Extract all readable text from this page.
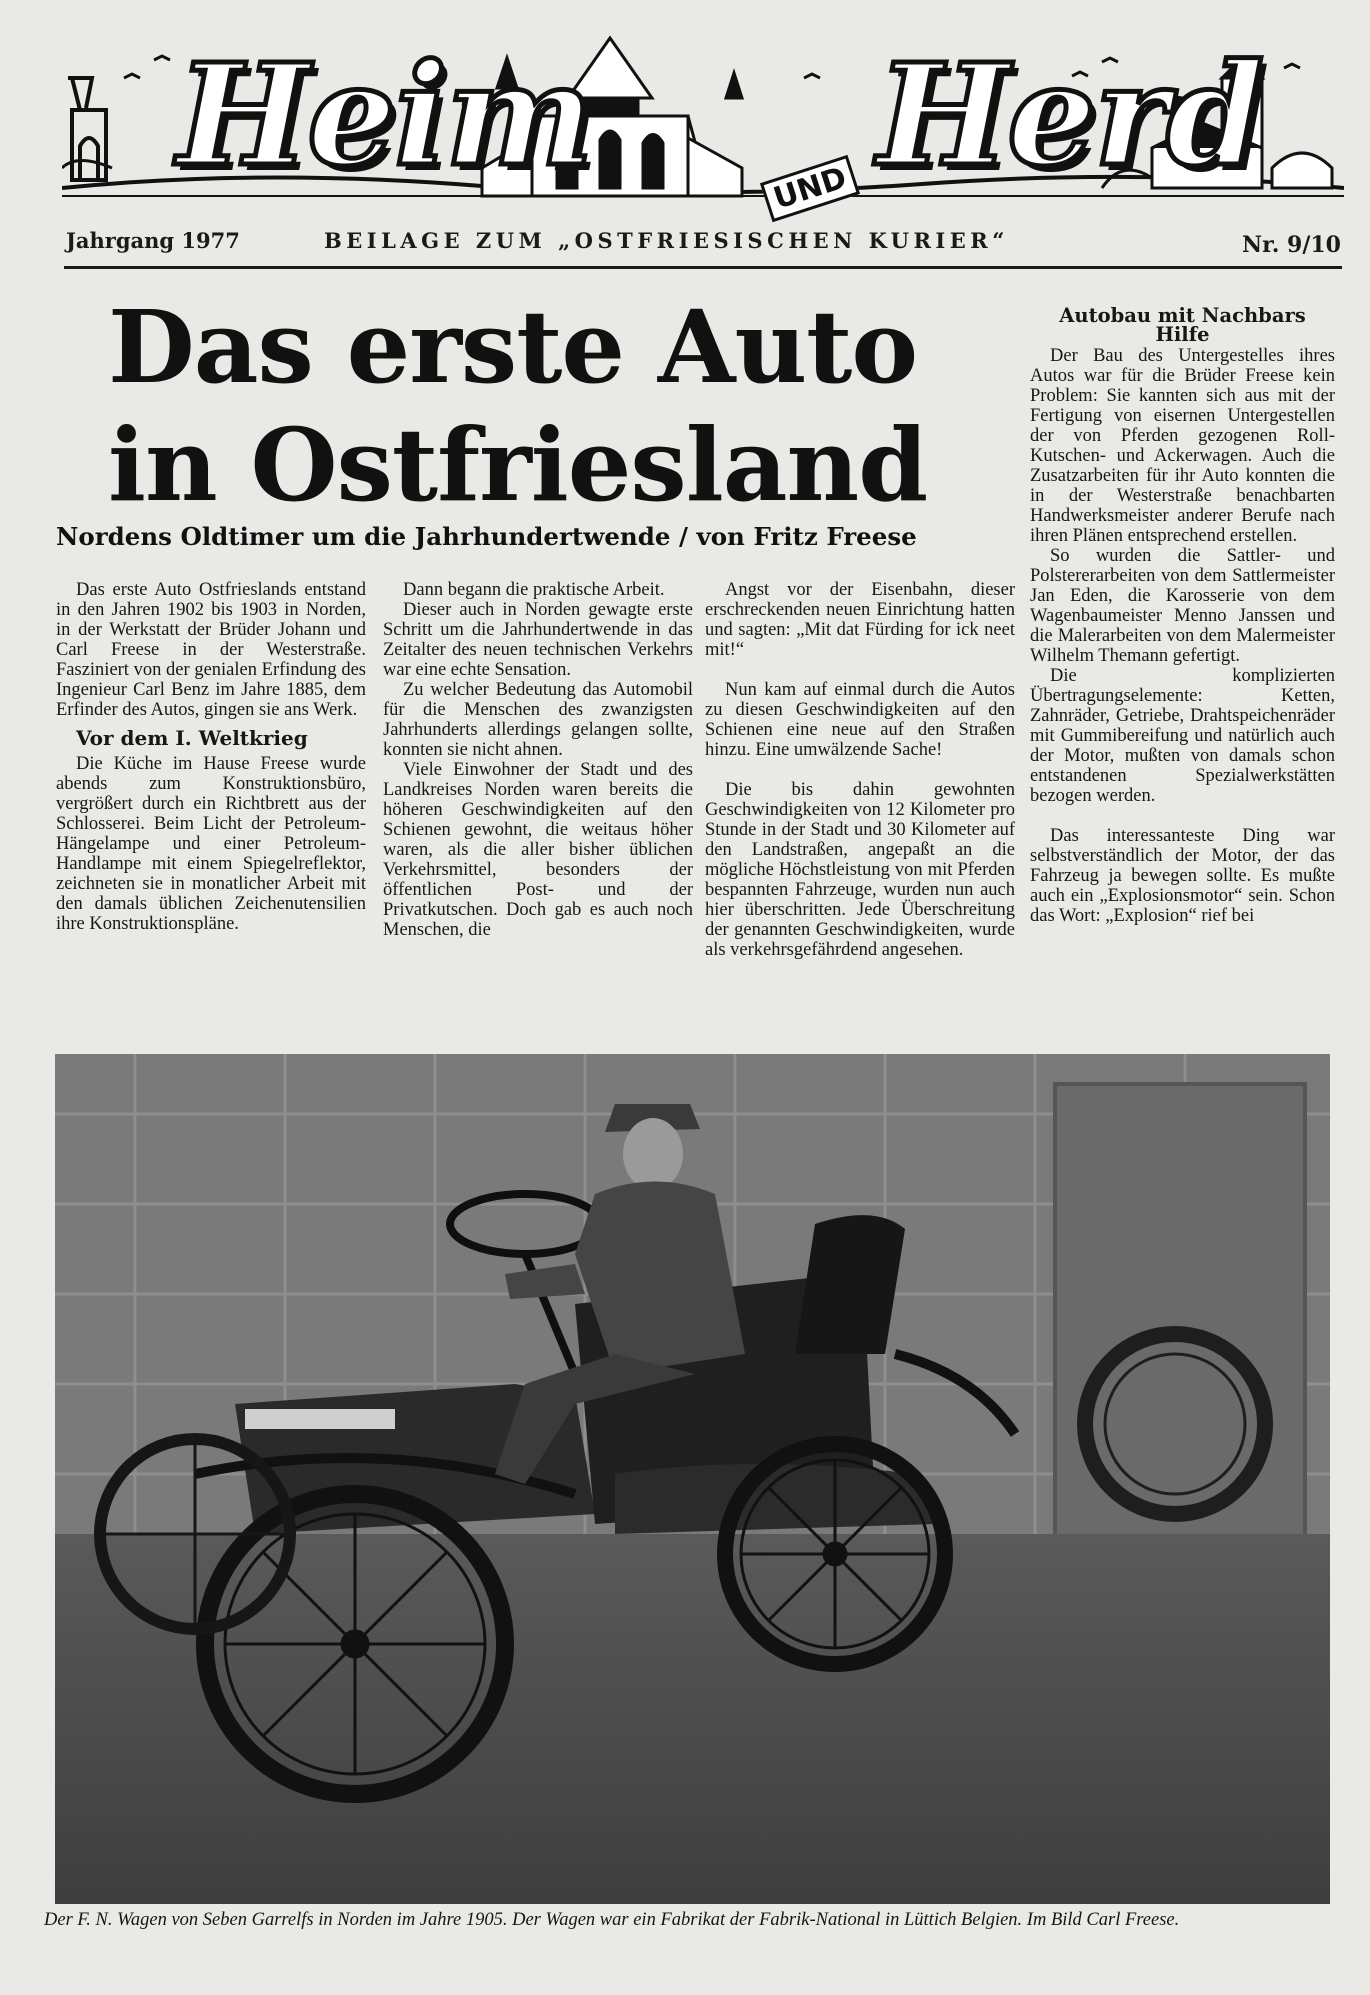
Heim Herd
UND
Jahrgang 1977	BEILAGE ZUM „OSTFRIESISCHEN KURIER“	Nr. 9/10
Das erste Auto
in Ostfriesland
Nordens Oldtimer um die Jahrhundertwende / von Fritz Freese

Das erste Auto Ostfrieslands entstand in den Jahren 1902 bis 1903 in Norden, in der Werkstatt der Brüder Johann und Carl Freese in der Westerstraße. Fasziniert von der genialen Erfindung des Ingenieur Carl Benz im Jahre 1885, dem Erfinder des Autos, gingen sie ans Werk.

Vor dem I. Weltkrieg

Die Küche im Hause Freese wurde abends zum Konstruktionsbüro, vergrößert durch ein Richtbrett aus der Schlosserei. Beim Licht der Petroleum-Hängelampe und einer Petroleum-Handlampe mit einem Spiegelreflektor, zeichneten sie in monatlicher Arbeit mit den damals üblichen Zeichenutensilien ihre Konstruktionspläne.

Dann begann die praktische Arbeit.

Dieser auch in Norden gewagte erste Schritt um die Jahrhundertwende in das Zeitalter des neuen technischen Verkehrs war eine echte Sensation.

Zu welcher Bedeutung das Automobil für die Menschen des zwanzigsten Jahrhunderts allerdings gelangen sollte, konnten sie nicht ahnen.

Viele Einwohner der Stadt und des Landkreises Norden waren bereits die höheren Geschwindigkeiten auf den Schienen gewohnt, die weitaus höher waren, als die aller bisher üblichen Verkehrsmittel, besonders der öffentlichen Post- und der Privatkutschen. Doch gab es auch noch Menschen, die

Angst vor der Eisenbahn, dieser erschreckenden neuen Einrichtung hatten und sagten: „Mit dat Fürding for ick neet mit!“

Nun kam auf einmal durch die Autos zu diesen Geschwindigkeiten auf den Schienen eine neue auf den Straßen hinzu. Eine umwälzende Sache!

Die bis dahin gewohnten Geschwindigkeiten von 12 Kilometer pro Stunde in der Stadt und 30 Kilometer auf den Landstraßen, angepaßt an die mögliche Höchstleistung von mit Pferden bespannten Fahrzeuge, wurden nun auch hier überschritten. Jede Überschreitung der genannten Geschwindigkeiten, wurde als verkehrsgefährdend angesehen.

Autobau mit Nachbars Hilfe

Der Bau des Untergestelles ihres Autos war für die Brüder Freese kein Problem: Sie kannten sich aus mit der Fertigung von eisernen Untergestellen der von Pferden gezogenen Roll-Kutschen- und Ackerwagen. Auch die Zusatzarbeiten für ihr Auto konnten die in der Westerstraße benachbarten Handwerksmeister anderer Berufe nach ihren Plänen entsprechend erstellen.

So wurden die Sattler- und Polstererarbeiten von dem Sattlermeister Jan Eden, die Karosserie von dem Wagenbaumeister Menno Janssen und die Malerarbeiten von dem Malermeister Wilhelm Themann gefertigt.

Die komplizierten Übertragungselemente: Ketten, Zahnräder, Getriebe, Drahtspeichenräder mit Gummibereifung und natürlich auch der Motor, mußten von damals schon entstandenen Spezialwerkstätten bezogen werden.

Das interessanteste Ding war selbstverständlich der Motor, der das Fahrzeug ja bewegen sollte. Es mußte auch ein „Explosionsmotor“ sein. Schon das Wort: „Explosion“ rief bei

Der F. N. Wagen von Seben Garrelfs in Norden im Jahre 1905. Der Wagen war ein Fabrikat der Fabrik-National in Lüttich Belgien. Im Bild Carl Freese.
